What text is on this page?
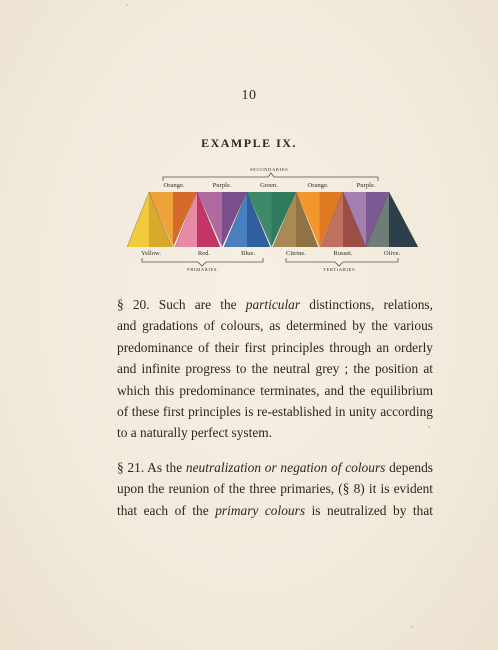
10
EXAMPLE IX.
SECONDARIES.
Orange.	Purple.	Green.	Orange.	Purple.
Yellow.	Red.	Blue.	Citrine.	Russet.	Olive.
PRIMARIES.	TERTIARIES.
§ 20. Such are the particular distinctions, relations,
and gradations of colours, as determined by the various
predominance of their first principles through an orderly
and infinite progress to the neutral grey ; the position at
which this predominance terminates, and the equilibrium
of these first principles is re-established in unity according
to a naturally perfect system.
§ 21. As the neutralization or negation of colours depends
upon the reunion of the three primaries, (§ 8) it is evident
that each of the primary colours is neutralized by that
